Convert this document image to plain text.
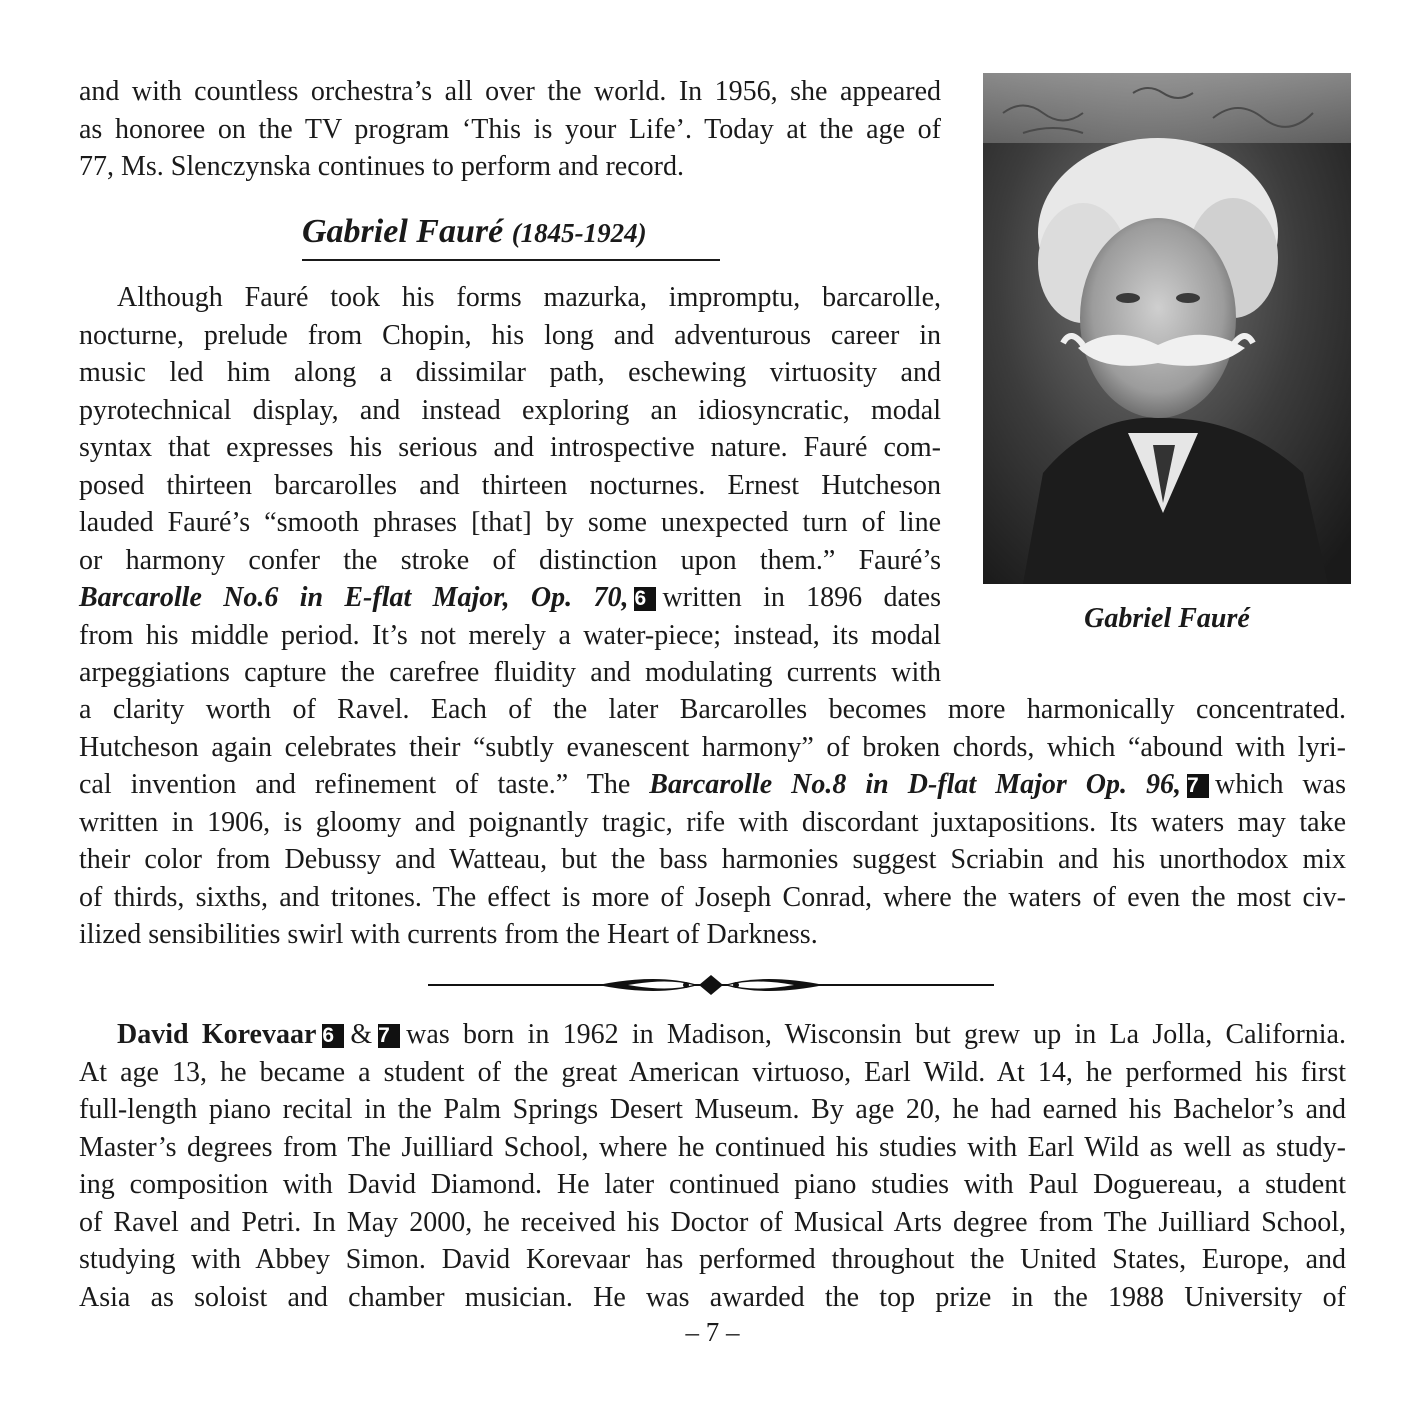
and with countless orchestra’s all over the world. In 1956, she appeared
as honoree on the TV program ‘This is your Life’. Today at the age of
77, Ms. Slenczynska continues to perform and record.
Gabriel Fauré (1845-1924)
Although Fauré took his forms mazurka, impromptu, barcarolle,
nocturne, prelude from Chopin, his long and adventurous career in
music led him along a dissimilar path, eschewing virtuosity and
pyrotechnical display, and instead exploring an idiosyncratic, modal
syntax that expresses his serious and introspective nature. Fauré com-
posed thirteen barcarolles and thirteen nocturnes. Ernest Hutcheson
lauded Fauré’s “smooth phrases [that] by some unexpected turn of line
or harmony confer the stroke of distinction upon them.” Fauré’s
Barcarolle No.6 in E-flat Major, Op. 70, 6 written in 1896 dates
from his middle period. It’s not merely a water-piece; instead, its modal
arpeggiations capture the carefree fluidity and modulating currents with
a clarity worth of Ravel. Each of the later Barcarolles becomes more harmonically concentrated.
Hutcheson again celebrates their “subtly evanescent harmony” of broken chords, which “abound with lyri-
cal invention and refinement of taste.” The Barcarolle No.8 in D-flat Major Op. 96, 7 which was
written in 1906, is gloomy and poignantly tragic, rife with discordant juxtapositions. Its waters may take
their color from Debussy and Watteau, but the bass harmonies suggest Scriabin and his unorthodox mix
of thirds, sixths, and tritones. The effect is more of Joseph Conrad, where the waters of even the most civ-
ilized sensibilities swirl with currents from the Heart of Darkness.
Gabriel Fauré
David Korevaar 6 & 7 was born in 1962 in Madison, Wisconsin but grew up in La Jolla, California.
At age 13, he became a student of the great American virtuoso, Earl Wild. At 14, he performed his first
full-length piano recital in the Palm Springs Desert Museum. By age 20, he had earned his Bachelor’s and
Master’s degrees from The Juilliard School, where he continued his studies with Earl Wild as well as study-
ing composition with David Diamond. He later continued piano studies with Paul Doguereau, a student
of Ravel and Petri. In May 2000, he received his Doctor of Musical Arts degree from The Juilliard School,
studying with Abbey Simon. David Korevaar has performed throughout the United States, Europe, and
Asia as soloist and chamber musician. He was awarded the top prize in the 1988 University of
– 7 –
